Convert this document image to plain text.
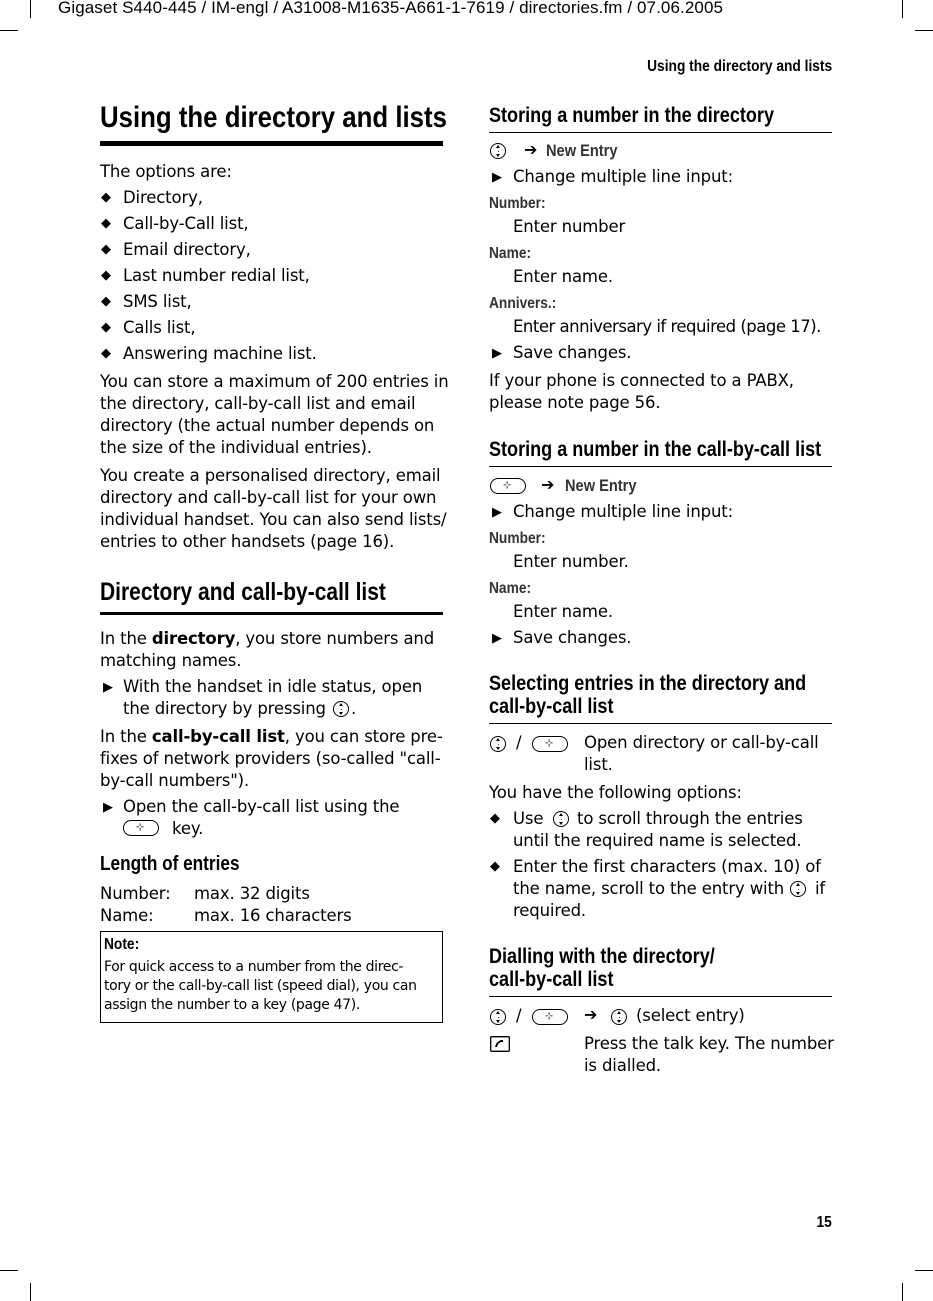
Gigaset S440-445 / IM-engl / A31008-M1635-A661-1-7619 / directories.fm / 07.06.2005
Using the directory and lists
15
Using the directory and lists
The options are:
◆ Directory,
◆ Call-by-Call list,
◆ Email directory,
◆ Last number redial list,
◆ SMS list,
◆ Calls list,
◆ Answering machine list.
You can store a maximum of 200 entries in
the directory, call-by-call list and email
directory (the actual number depends on
the size of the individual entries).
You create a personalised directory, email
directory and call-by-call list for your own
individual handset. You can also send lists/
entries to other handsets (page 16).
Directory and call-by-call list
In the directory, you store numbers and
matching names.
▶ With the handset in idle status, open
the directory by pressing .
In the call-by-call list, you can store pre-
fixes of network providers (so-called "call-
by-call numbers").
▶ Open the call-by-call list using the
⊹ key.
Length of entries
Number: max. 32 digits
Name: max. 16 characters
Note:
For quick access to a number from the direc-
tory or the call-by-call list (speed dial), you can
assign the number to a key (page 47).
Storing a number in the directory
➔ New Entry
▶ Change multiple line input:
Number:
Enter number
Name:
Enter name.
Annivers.:
Enter anniversary if required (page 17).
▶ Save changes.
If your phone is connected to a PABX,
please note page 56.
Storing a number in the call-by-call list
⊹ ➔ New Entry
▶ Change multiple line input:
Number:
Enter number.
Name:
Enter name.
▶ Save changes.
Selecting entries in the directory and
call-by-call list
/ ⊹ Open directory or call-by-call
list.
You have the following options:
◆ Use to scroll through the entries
until the required name is selected.
◆ Enter the first characters (max. 10) of
the name, scroll to the entry with if
required.
Dialling with the directory/
call-by-call list
/ ⊹ ➔ (select entry)
Press the talk key. The number
is dialled.
